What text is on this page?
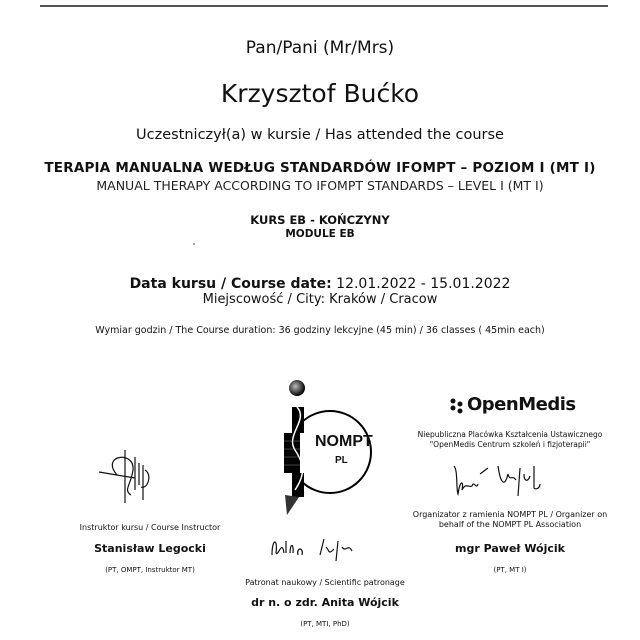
Pan/Pani (Mr/Mrs)
Krzysztof Bućko
Uczestniczył(a) w kursie / Has attended the course
TERAPIA MANUALNA WEDŁUG STANDARDÓW IFOMPT – POZIOM I (MT I)
MANUAL THERAPY ACCORDING TO IFOMPT STANDARDS – LEVEL I (MT I)
KURS EB - KOŃCZYNY
MODULE EB
Data kursu / Course date: 12.01.2022 - 15.01.2022
Miejscowość / City: Kraków / Cracow
Wymiar godzin / The Course duration: 36 godziny lekcyjne (45 min) / 36 classes ( 45min each)
NOMPT
PL
OpenMedis
Niepubliczna Placówka Kształcenia Ustawicznego
"OpenMedis Centrum szkoleń i fizjoterapii"
Instruktor kursu / Course Instructor
Stanisław Legocki
(PT, OMPT, Instruktor MT)
Patronat naukowy / Scientific patronage
dr n. o zdr. Anita Wójcik
(PT, MTI, PhD)
Organizator z ramienia NOMPT PL / Organizer on
behalf of the NOMPT PL Association
mgr Paweł Wójcik
(PT, MT I)
